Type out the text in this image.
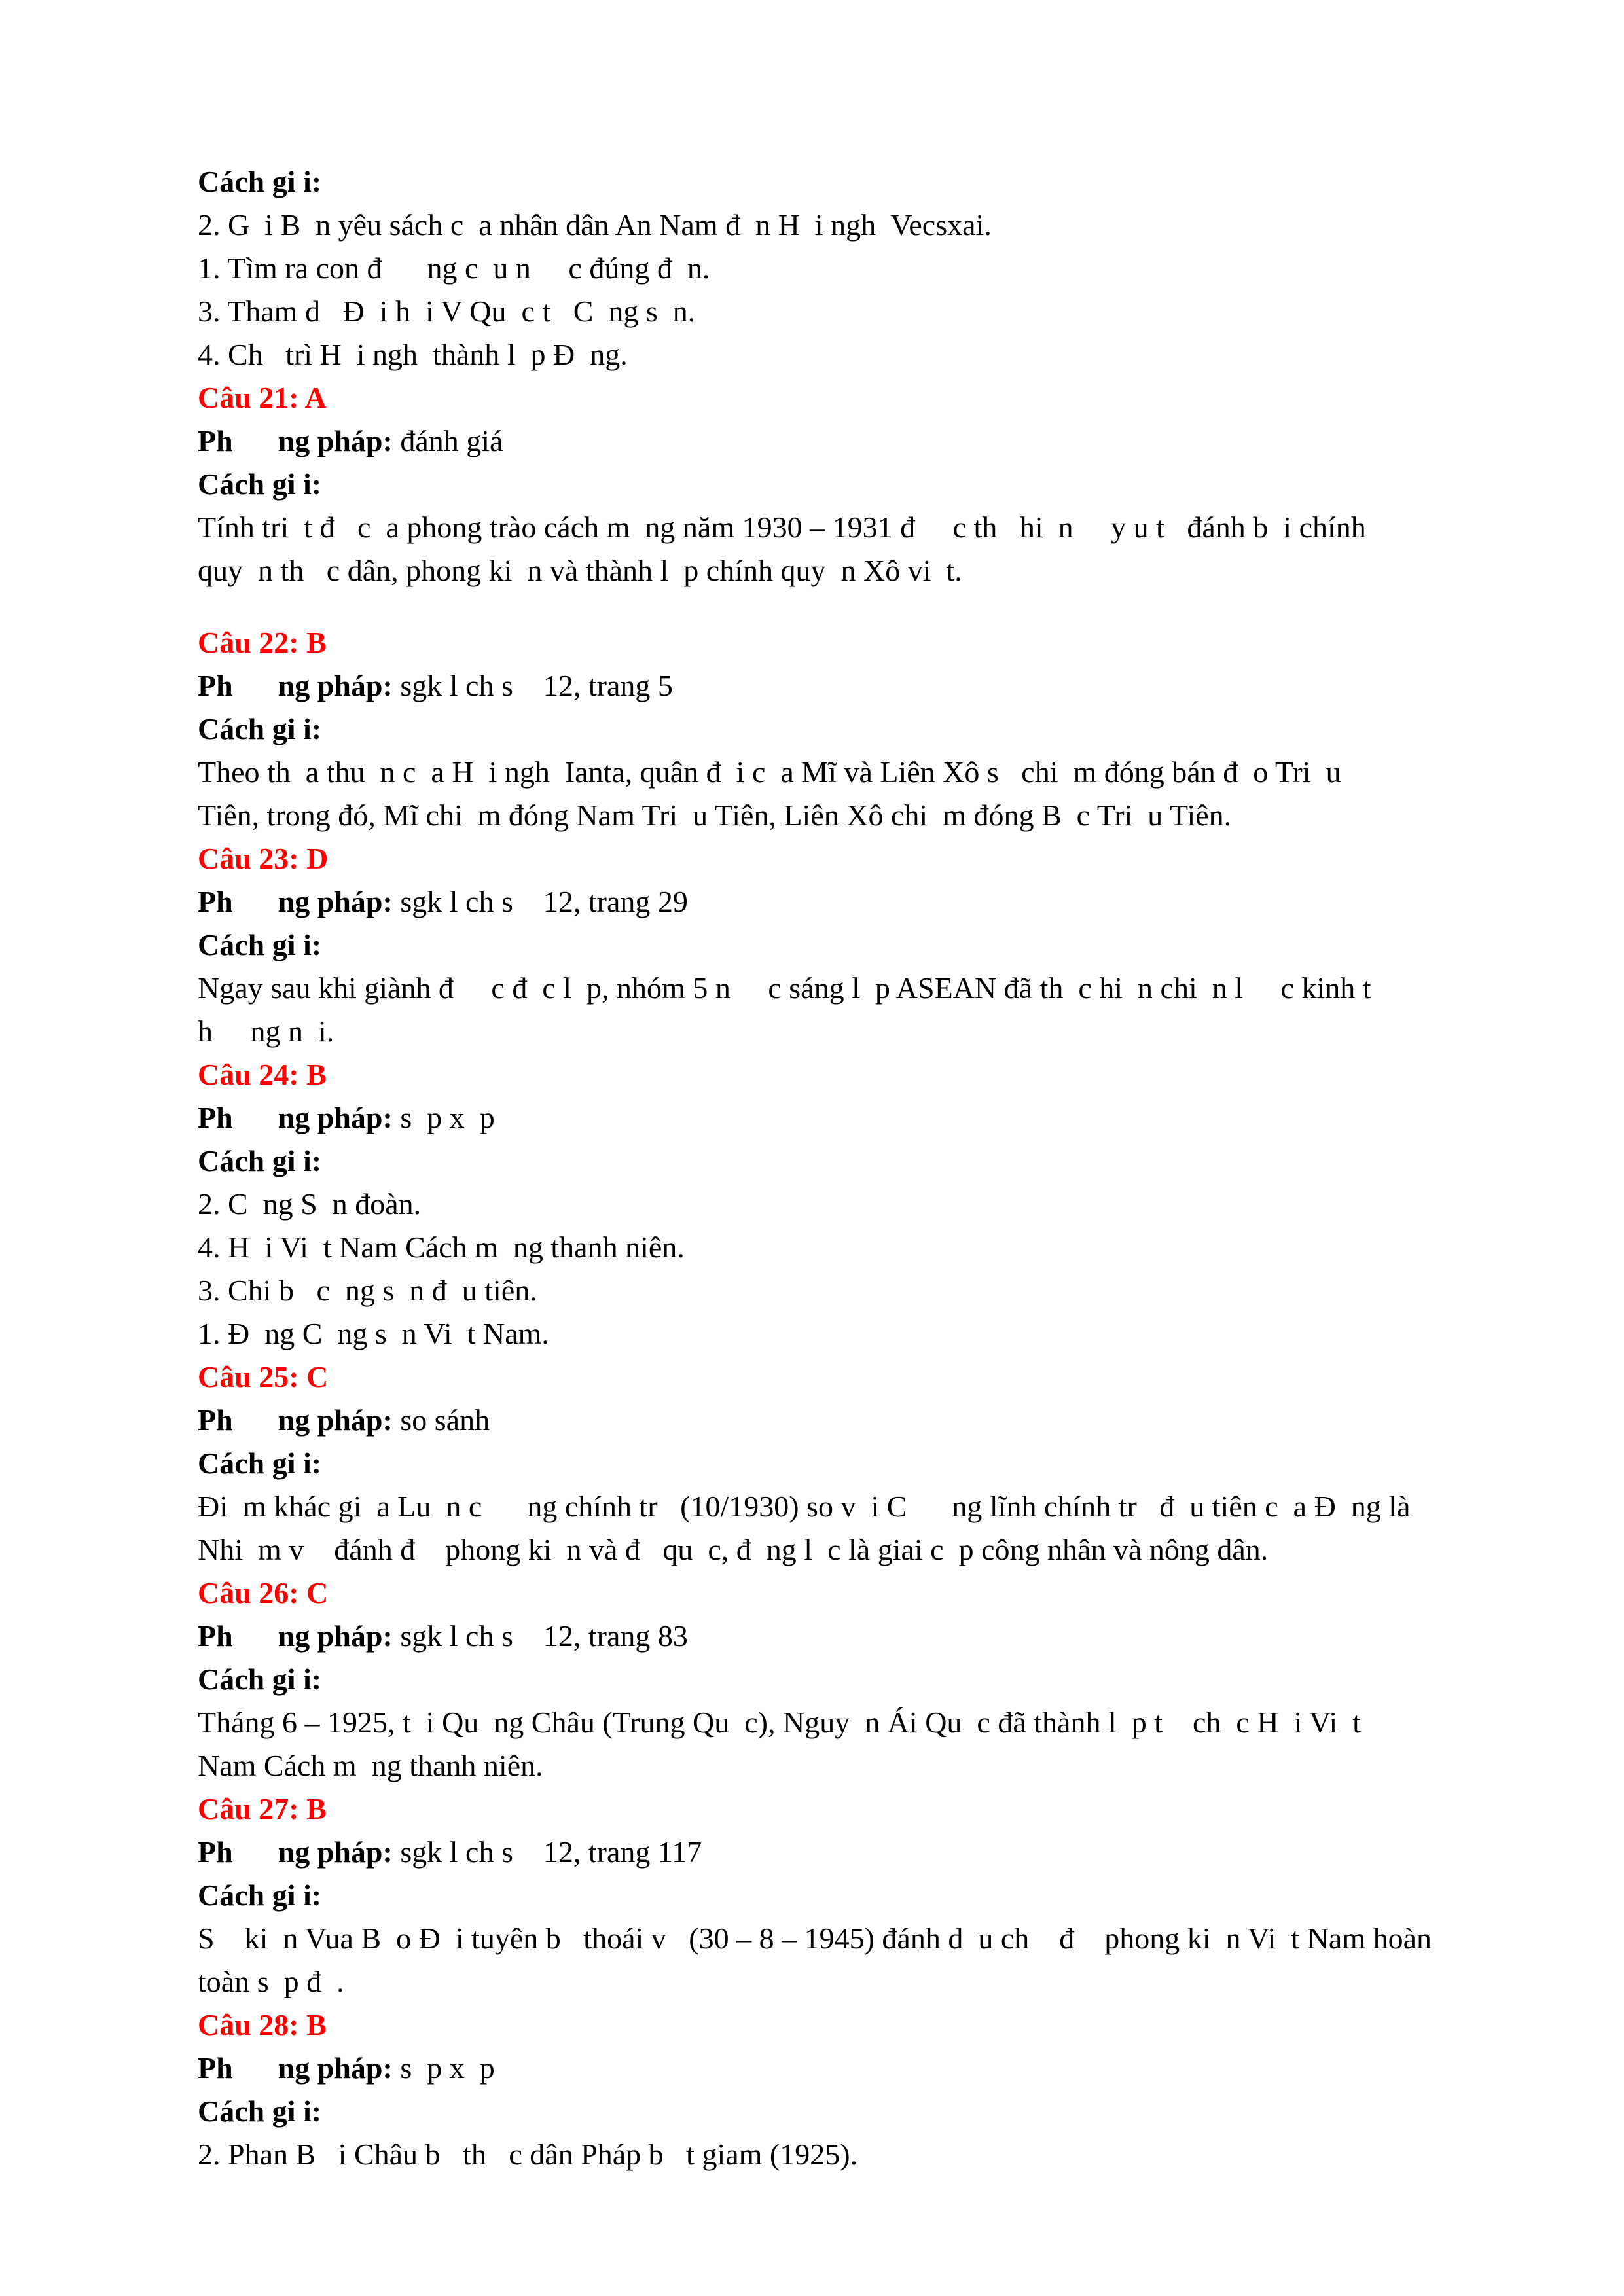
Cách gi i:

2. G  i B  n yêu sách c  a nhân dân An Nam đ  n H  i ngh  Vecsxai.

1. Tìm ra con đ      ng c  u n     c đúng đ  n.

3. Tham d   Đ  i h  i V Qu  c t   C  ng s  n.

4. Ch   trì H  i ngh  thành l  p Đ  ng.

Câu 21: A

Ph      ng pháp: đánh giá

Cách gi i:

Tính tri  t đ   c  a phong trào cách m  ng năm 1930 – 1931 đ     c th   hi  n     y u t   đánh b  i chính

quy  n th   c dân, phong ki  n và thành l  p chính quy  n Xô vi  t.

Câu 22: B

Ph      ng pháp: sgk l ch s    12, trang 5

Cách gi i:

Theo th  a thu  n c  a H  i ngh  Ianta, quân đ  i c  a Mĩ và Liên Xô s   chi  m đóng bán đ  o Tri  u

Tiên, trong đó, Mĩ chi  m đóng Nam Tri  u Tiên, Liên Xô chi  m đóng B  c Tri  u Tiên.

Câu 23: D

Ph      ng pháp: sgk l ch s    12, trang 29

Cách gi i:

Ngay sau khi giành đ     c đ  c l  p, nhóm 5 n     c sáng l  p ASEAN đã th  c hi  n chi  n l     c kinh t

h     ng n  i.

Câu 24: B

Ph      ng pháp: s  p x  p

Cách gi i:

2. C  ng S  n đoàn.

4. H  i Vi  t Nam Cách m  ng thanh niên.

3. Chi b   c  ng s  n đ  u tiên.

1. Đ  ng C  ng s  n Vi  t Nam.

Câu 25: C

Ph      ng pháp: so sánh

Cách gi i:

Đi  m khác gi  a Lu  n c      ng chính tr   (10/1930) so v  i C      ng lĩnh chính tr   đ  u tiên c  a Đ  ng là

Nhi  m v    đánh đ    phong ki  n và đ   qu  c, đ  ng l  c là giai c  p công nhân và nông dân.

Câu 26: C

Ph      ng pháp: sgk l ch s    12, trang 83

Cách gi i:

Tháng 6 – 1925, t  i Qu  ng Châu (Trung Qu  c), Nguy  n Ái Qu  c đã thành l  p t    ch  c H  i Vi  t

Nam Cách m  ng thanh niên.

Câu 27: B

Ph      ng pháp: sgk l ch s    12, trang 117

Cách gi i:

S    ki  n Vua B  o Đ  i tuyên b   thoái v   (30 – 8 – 1945) đánh d  u ch    đ    phong ki  n Vi  t Nam hoàn

toàn s  p đ  .

Câu 28: B

Ph      ng pháp: s  p x  p

Cách gi i:

2. Phan B   i Châu b   th   c dân Pháp b   t giam (1925).
